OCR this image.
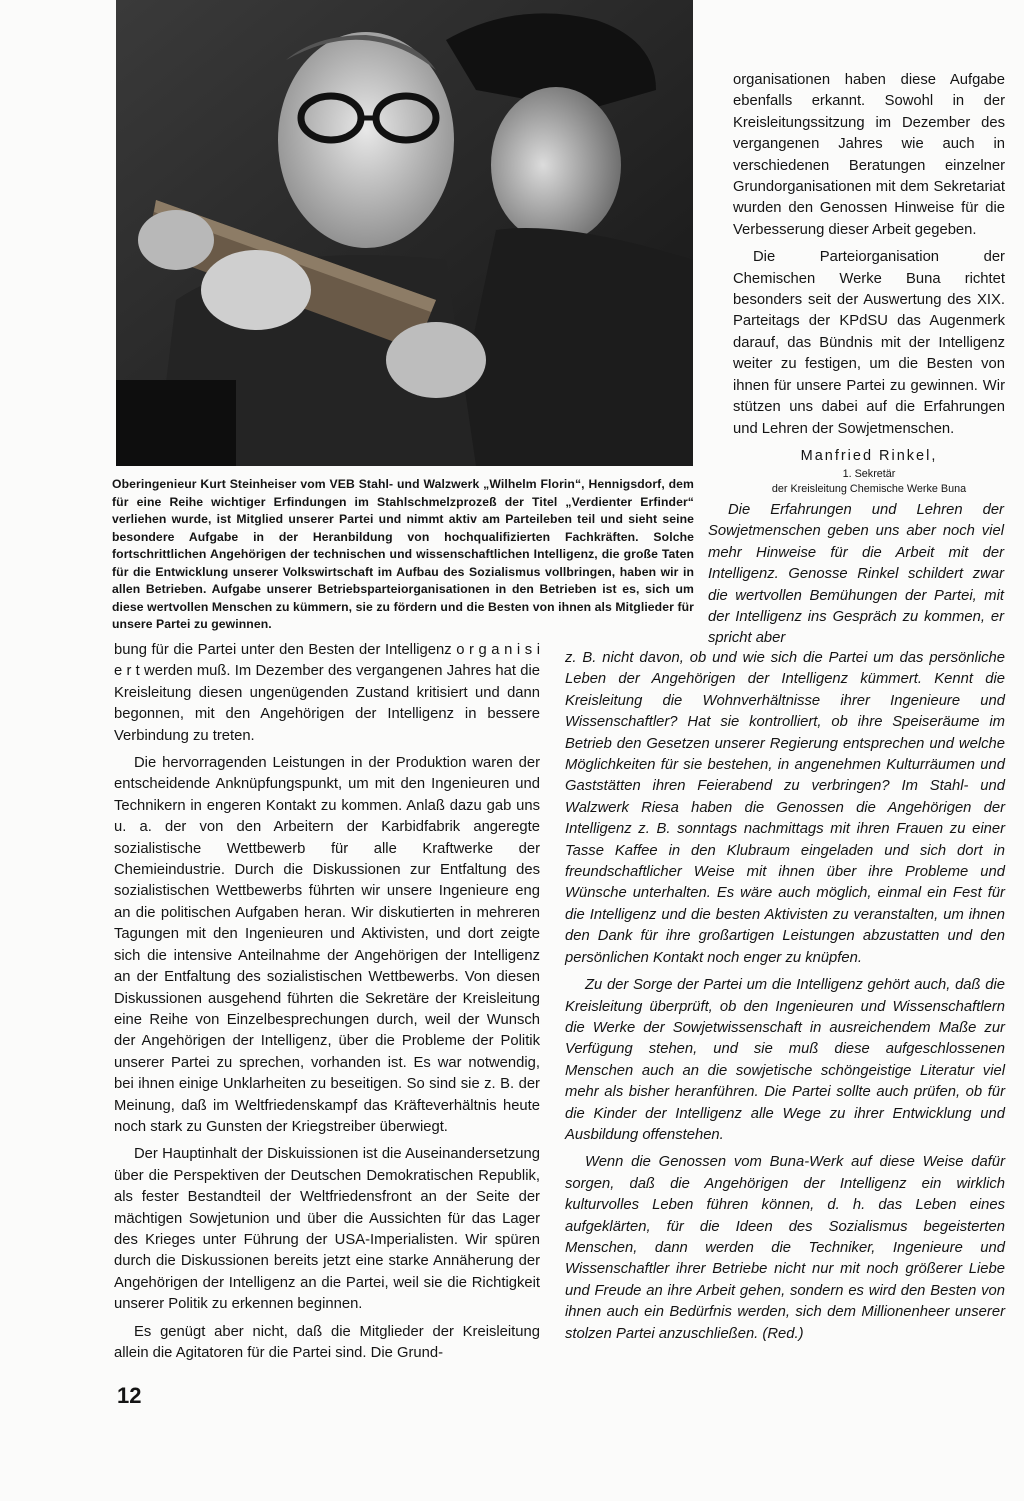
Oberingenieur Kurt Steinheiser vom VEB Stahl- und Walzwerk „Wilhelm Florin“, Hennigsdorf, dem für eine Reihe wichtiger Erfindungen im Stahlschmelzprozeß der Titel „Verdienter Erfinder“ verliehen wurde, ist Mitglied unserer Partei und nimmt aktiv am Parteileben teil und sieht seine besondere Aufgabe in der Heranbildung von hochqualifizierten Fachkräften. Solche fortschrittlichen Angehörigen der technischen und wissenschaftlichen Intelligenz, die große Taten für die Entwicklung unserer Volkswirtschaft im Aufbau des Sozialismus vollbringen, haben wir in allen Betrieben. Aufgabe unserer Betriebsparteiorganisationen in den Betrieben ist es, sich um diese wertvollen Menschen zu kümmern, sie zu fördern und die Besten von ihnen als Mitglieder für unsere Partei zu gewinnen.

bung für die Partei unter den Besten der Intelligenz o r g a n i s i e r t werden muß. Im Dezember des vergangenen Jahres hat die Kreisleitung diesen ungenügenden Zustand kritisiert und dann begonnen, mit den Angehörigen der Intelligenz in bessere Verbindung zu treten.

Die hervorragenden Leistungen in der Produktion waren der entscheidende Anknüpfungspunkt, um mit den Ingenieuren und Technikern in engeren Kontakt zu kommen. Anlaß dazu gab uns u. a. der von den Arbeitern der Karbidfabrik angeregte sozialistische Wettbewerb für alle Kraftwerke der Chemieindustrie. Durch die Diskussionen zur Entfaltung des sozialistischen Wettbewerbs führten wir unsere Ingenieure eng an die politischen Aufgaben heran. Wir diskutierten in mehreren Tagungen mit den Ingenieuren und Aktivisten, und dort zeigte sich die intensive Anteilnahme der Angehörigen der Intelligenz an der Entfaltung des sozialistischen Wettbewerbs. Von diesen Diskussionen ausgehend führten die Sekretäre der Kreisleitung eine Reihe von Einzelbesprechungen durch, weil der Wunsch der Angehörigen der Intelligenz, über die Probleme der Politik unserer Partei zu sprechen, vorhanden ist. Es war notwendig, bei ihnen einige Unklarheiten zu beseitigen. So sind sie z. B. der Meinung, daß im Weltfriedenskampf das Kräfteverhältnis heute noch stark zu Gunsten der Kriegstreiber überwiegt.

Der Hauptinhalt der Diskuissionen ist die Auseinandersetzung über die Perspektiven der Deutschen Demokratischen Republik, als fester Bestandteil der Weltfriedensfront an der Seite der mächtigen Sowjetunion und über die Aussichten für das Lager des Krieges unter Führung der USA-Imperialisten. Wir spüren durch die Diskussionen bereits jetzt eine starke Annäherung der Angehörigen der Intelligenz an die Partei, weil sie die Richtigkeit unserer Politik zu erkennen beginnen.

Es genügt aber nicht, daß die Mitglieder der Kreisleitung allein die Agitatoren für die Partei sind. Die Grund-

organisationen haben diese Aufgabe ebenfalls erkannt. Sowohl in der Kreisleitungssitzung im Dezember des vergangenen Jahres wie auch in verschiedenen Beratungen einzelner Grundorganisationen mit dem Sekretariat wurden den Genossen Hinweise für die Verbesserung dieser Arbeit gegeben.

Die Parteiorganisation der Chemischen Werke Buna richtet besonders seit der Auswertung des XIX. Parteitags der KPdSU das Augenmerk darauf, das Bündnis mit der Intelligenz weiter zu festigen, um die Besten von ihnen für unsere Partei zu gewinnen. Wir stützen uns dabei auf die Erfahrungen und Lehren der Sowjetmenschen.

Manfried Rinkel,
1. Sekretär
der Kreisleitung Chemische Werke Buna

Die Erfahrungen und Lehren der Sowjetmenschen geben uns aber noch viel mehr Hinweise für die Arbeit mit der Intelligenz. Genosse Rinkel schildert zwar die wertvollen Bemühungen der Partei, mit der Intelligenz ins Gespräch zu kommen, er spricht aber

z. B. nicht davon, ob und wie sich die Partei um das persönliche Leben der Angehörigen der Intelligenz kümmert. Kennt die Kreisleitung die Wohnverhältnisse ihrer Ingenieure und Wissenschaftler? Hat sie kontrolliert, ob ihre Speiseräume im Betrieb den Gesetzen unserer Regierung entsprechen und welche Möglichkeiten für sie bestehen, in angenehmen Kulturräumen und Gaststätten ihren Feierabend zu verbringen? Im Stahl- und Walzwerk Riesa haben die Genossen die Angehörigen der Intelligenz z. B. sonntags nachmittags mit ihren Frauen zu einer Tasse Kaffee in den Klubraum eingeladen und sich dort in freundschaftlicher Weise mit ihnen über ihre Probleme und Wünsche unterhalten. Es wäre auch möglich, einmal ein Fest für die Intelligenz und die besten Aktivisten zu veranstalten, um ihnen den Dank für ihre großartigen Leistungen abzustatten und den persönlichen Kontakt noch enger zu knüpfen.

Zu der Sorge der Partei um die Intelligenz gehört auch, daß die Kreisleitung überprüft, ob den Ingenieuren und Wissenschaftlern die Werke der Sowjetwissenschaft in ausreichendem Maße zur Verfügung stehen, und sie muß diese aufgeschlossenen Menschen auch an die sowjetische schöngeistige Literatur viel mehr als bisher heranführen. Die Partei sollte auch prüfen, ob für die Kinder der Intelligenz alle Wege zu ihrer Entwicklung und Ausbildung offenstehen.

Wenn die Genossen vom Buna-Werk auf diese Weise dafür sorgen, daß die Angehörigen der Intelligenz ein wirklich kulturvolles Leben führen können, d. h. das Leben eines aufgeklärten, für die Ideen des Sozialismus begeisterten Menschen, dann werden die Techniker, Ingenieure und Wissenschaftler ihrer Betriebe nicht nur mit noch größerer Liebe und Freude an ihre Arbeit gehen, sondern es wird den Besten von ihnen auch ein Bedürfnis werden, sich dem Millionenheer unserer stolzen Partei anzuschließen. (Red.)

12
